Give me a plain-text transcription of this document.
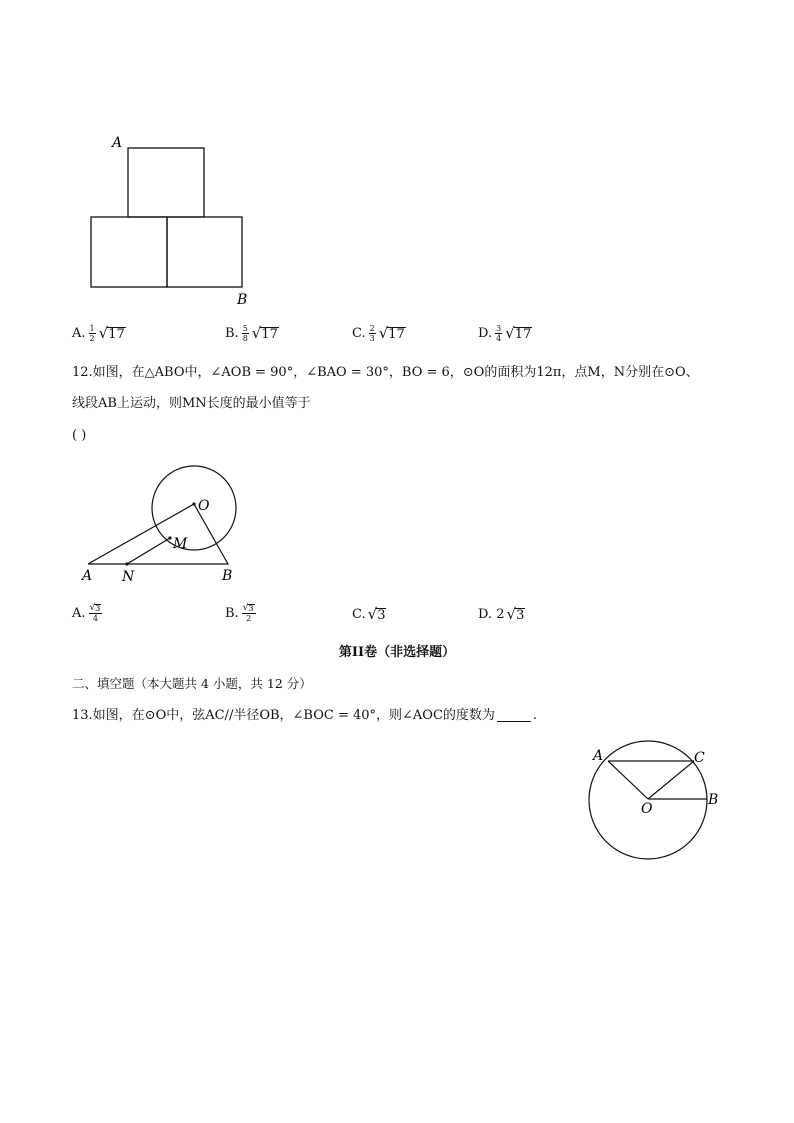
A
B
A. $\frac{1}{2}$ √ 17	B. $\frac{5}{8}$ √ 17	C. $\frac{2}{3}$ √ 17	D. $\frac{3}{4}$ √ 17
12.如图，在△ABO中，∠AOB = 90°，∠BAO = 30°，BO = 6，⊙O的面积为12π，点M，N分别在⊙O、
线段AB上运动，则MN长度的最小值等于
( )
O
M
A N	B
A. $\frac{√ 3}{4}$	B. $\frac{√ 3}{2}$	C. √ 3	D. 2 √ 3
第II卷（非选择题）
二、填空题（本大题共 4 小题，共 12 分）
13.如图，在⊙O中，弦AC//半径OB，∠BOC = 40°，则∠AOC的度数为	.
A	C
O
B
